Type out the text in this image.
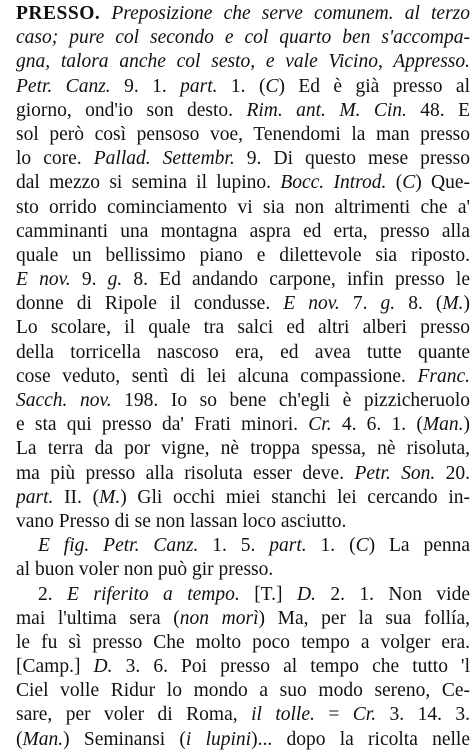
PRESSO. Preposizione che serve comunem. al terzo
caso; pure col secondo e col quarto ben s'accompa-
gna, talora anche col sesto, e vale Vicino, Appresso.
Petr. Canz. 9. 1. part. 1. (C) Ed è già presso al
giorno, ond'io son desto. Rim. ant. M. Cin. 48. E
sol però così pensoso voe, Tenendomi la man presso
lo core. Pallad. Settembr. 9. Di questo mese presso
dal mezzo si semina il lupino. Bocc. Introd. (C) Que-
sto orrido cominciamento vi sia non altrimenti che a'
camminanti una montagna aspra ed erta, presso alla
quale un bellissimo piano e dilettevole sia riposto.
E nov. 9. g. 8. Ed andando carpone, infin presso le
donne di Ripole il condusse. E nov. 7. g. 8. (M.)
Lo scolare, il quale tra salci ed altri alberi presso
della torricella nascoso era, ed avea tutte quante
cose veduto, sentì di lei alcuna compassione. Franc.
Sacch. nov. 198. Io so bene ch'egli è pizzicheruolo
e sta qui presso da' Frati minori. Cr. 4. 6. 1. (Man.)
La terra da por vigne, nè troppa spessa, nè risoluta,
ma più presso alla risoluta esser deve. Petr. Son. 20.
part. II. (M.) Gli occhi miei stanchi lei cercando in-
vano Presso di se non lassan loco asciutto.
E fig. Petr. Canz. 1. 5. part. 1. (C) La penna
al buon voler non può gir presso.
2. E riferito a tempo. [T.] D. 2. 1. Non vide
mai l'ultima sera (non morì) Ma, per la sua follía,
le fu sì presso Che molto poco tempo a volger era.
[Camp.] D. 3. 6. Poi presso al tempo che tutto 'l
Ciel volle Ridur lo mondo a suo modo sereno, Ce-
sare, per voler di Roma, il tolle. = Cr. 3. 14. 3.
(Man.) Seminansi (i lupini)... dopo la ricolta nelle
